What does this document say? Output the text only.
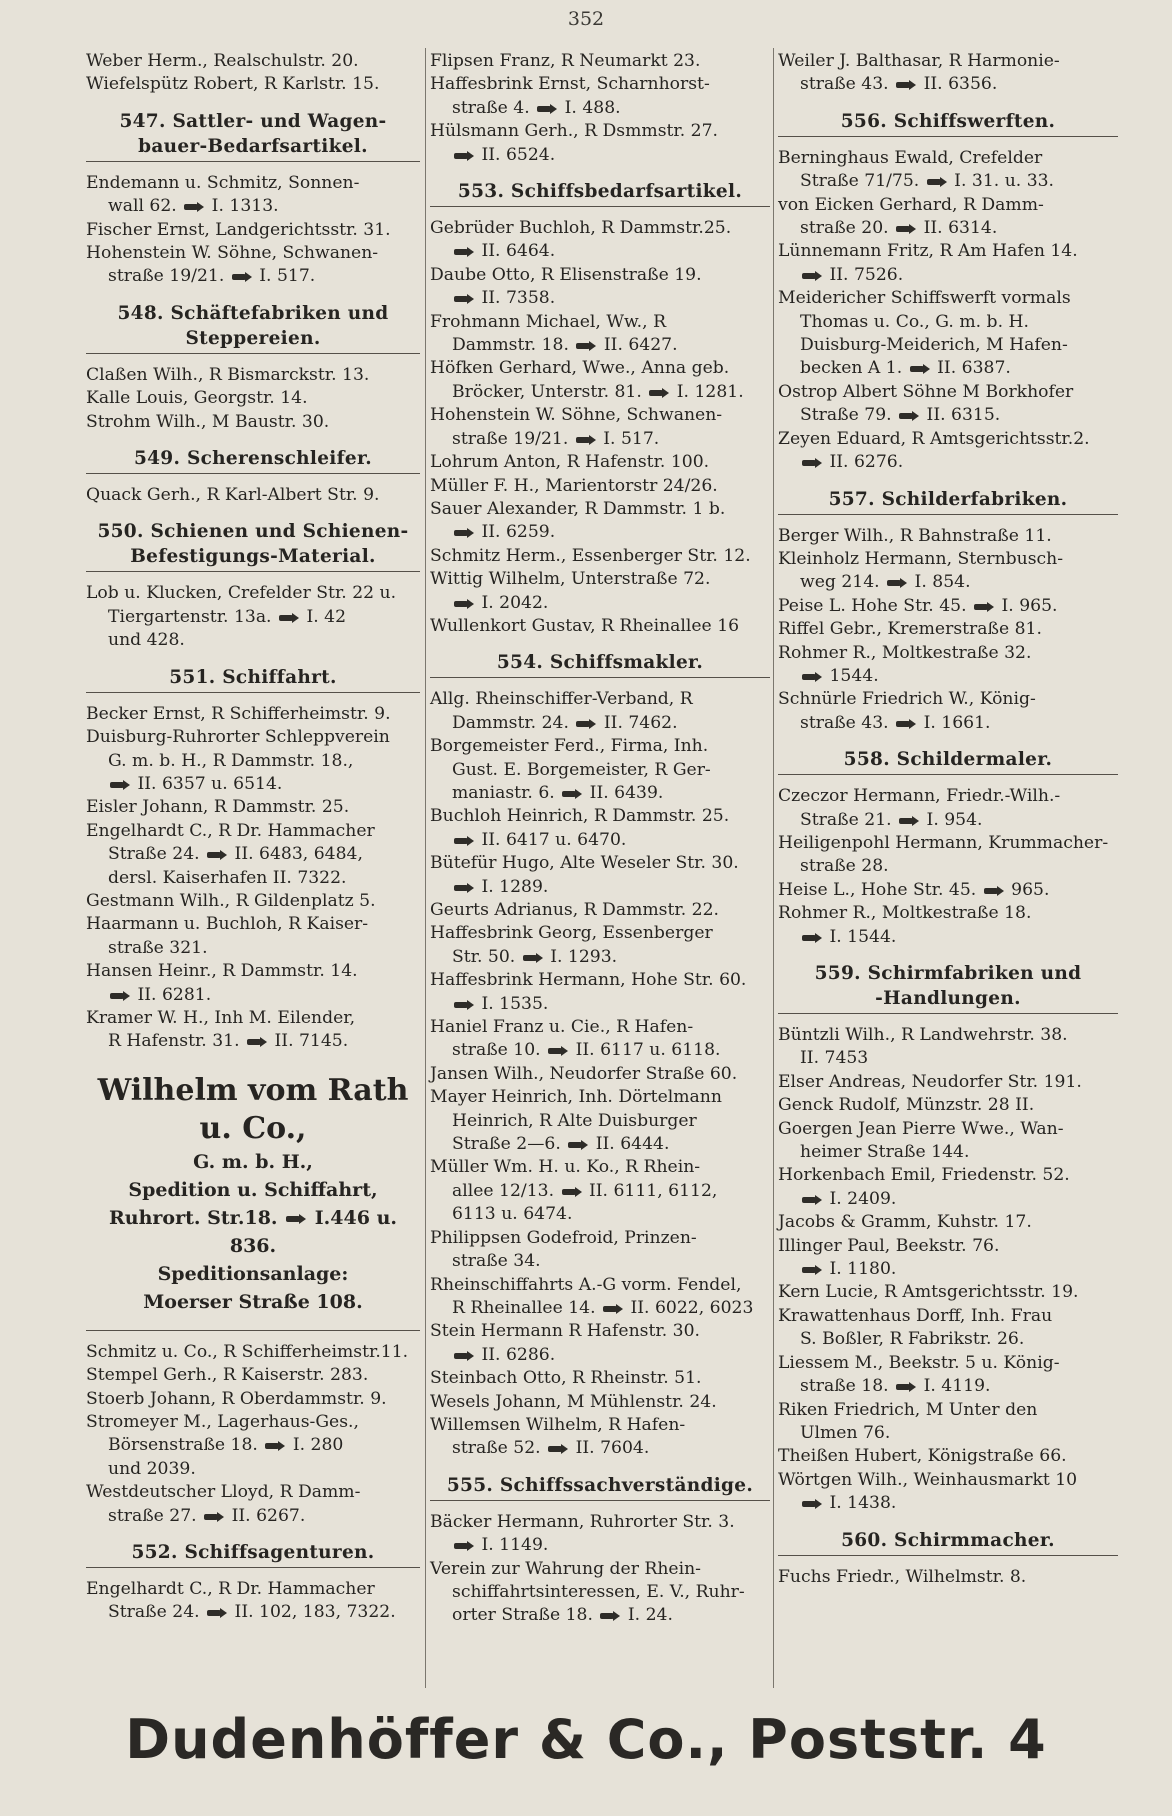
352

Weber Herm., Realschulstr. 20.

Wiefelspütz Robert, R Karlstr. 15.

547. Sattler- und Wagen-
bauer-Bedarfsartikel.

Endemann u. Schmitz, Sonnen-
wall 62.  I. 1313.

Fischer Ernst, Landgerichtsstr. 31.

Hohenstein W. Söhne, Schwanen-
straße 19/21.  I. 517.

548. Schäftefabriken und
Steppereien.

Claßen Wilh., R Bismarckstr. 13.

Kalle Louis, Georgstr. 14.

Strohm Wilh., M Baustr. 30.

549. Scherenschleifer.

Quack Gerh., R Karl-Albert Str. 9.

550. Schienen und Schienen-
Befestigungs-Material.

Lob u. Klucken, Crefelder Str. 22 u.
Tiergartenstr. 13a.  I. 42
und 428.

551. Schiffahrt.

Becker Ernst, R Schifferheimstr. 9.

Duisburg-Ruhrorter Schleppverein
G. m. b. H., R Dammstr. 18.,
II. 6357 u. 6514.

Eisler Johann, R Dammstr. 25.

Engelhardt C., R Dr. Hammacher
Straße 24.  II. 6483, 6484,
dersl. Kaiserhafen II. 7322.

Gestmann Wilh., R Gildenplatz 5.

Haarmann u. Buchloh, R Kaiser-
straße 321.

Hansen Heinr., R Dammstr. 14.
II. 6281.

Kramer W. H., Inh M. Eilender,
R Hafenstr. 31.  II. 7145.

Wilhelm vom Rath u. Co.,
G. m. b. H.,
Spedition u. Schiffahrt,
Ruhrort. Str.18.  I.446 u. 836.
Speditionsanlage:
Moerser Straße 108.

Schmitz u. Co., R Schifferheimstr.11.

Stempel Gerh., R Kaiserstr. 283.

Stoerb Johann, R Oberdammstr. 9.

Stromeyer M., Lagerhaus-Ges.,
Börsenstraße 18.  I. 280
und 2039.

Westdeutscher Lloyd, R Damm-
straße 27.  II. 6267.

552. Schiffsagenturen.

Engelhardt C., R Dr. Hammacher
Straße 24.  II. 102, 183, 7322.

Flipsen Franz, R Neumarkt 23.

Haffesbrink Ernst, Scharnhorst-
straße 4.  I. 488.

Hülsmann Gerh., R Dsmmstr. 27.
II. 6524.

553. Schiffsbedarfsartikel.

Gebrüder Buchloh, R Dammstr.25.
II. 6464.

Daube Otto, R Elisenstraße 19.
II. 7358.

Frohmann Michael, Ww., R
Dammstr. 18.  II. 6427.

Höfken Gerhard, Wwe., Anna geb.
Bröcker, Unterstr. 81.  I. 1281.

Hohenstein W. Söhne, Schwanen-
straße 19/21.  I. 517.

Lohrum Anton, R Hafenstr. 100.

Müller F. H., Marientorstr 24/26.

Sauer Alexander, R Dammstr. 1 b.
II. 6259.

Schmitz Herm., Essenberger Str. 12.

Wittig Wilhelm, Unterstraße 72.
I. 2042.

Wullenkort Gustav, R Rheinallee 16

554. Schiffsmakler.

Allg. Rheinschiffer-Verband, R
Dammstr. 24.  II. 7462.

Borgemeister Ferd., Firma, Inh.
Gust. E. Borgemeister, R Ger-
maniastr. 6.  II. 6439.

Buchloh Heinrich, R Dammstr. 25.
II. 6417 u. 6470.

Bütefür Hugo, Alte Weseler Str. 30.
I. 1289.

Geurts Adrianus, R Dammstr. 22.

Haffesbrink Georg, Essenberger
Str. 50.  I. 1293.

Haffesbrink Hermann, Hohe Str. 60.
I. 1535.

Haniel Franz u. Cie., R Hafen-
straße 10.  II. 6117 u. 6118.

Jansen Wilh., Neudorfer Straße 60.

Mayer Heinrich, Inh. Dörtelmann
Heinrich, R Alte Duisburger
Straße 2—6.  II. 6444.

Müller Wm. H. u. Ko., R Rhein-
allee 12/13.  II. 6111, 6112,
6113 u. 6474.

Philippsen Godefroid, Prinzen-
straße 34.

Rheinschiffahrts A.-G vorm. Fendel,
R Rheinallee 14.  II. 6022, 6023

Stein Hermann R Hafenstr. 30.
II. 6286.

Steinbach Otto, R Rheinstr. 51.

Wesels Johann, M Mühlenstr. 24.

Willemsen Wilhelm, R Hafen-
straße 52.  II. 7604.

555. Schiffssachverständige.

Bäcker Hermann, Ruhrorter Str. 3.
I. 1149.

Verein zur Wahrung der Rhein-
schiffahrtsinteressen, E. V., Ruhr-
orter Straße 18.  I. 24.

Weiler J. Balthasar, R Harmonie-
straße 43.  II. 6356.

556. Schiffswerften.

Berninghaus Ewald, Crefelder
Straße 71/75.  I. 31. u. 33.

von Eicken Gerhard, R Damm-
straße 20.  II. 6314.

Lünnemann Fritz, R Am Hafen 14.
II. 7526.

Meidericher Schiffswerft vormals
Thomas u. Co., G. m. b. H.
Duisburg-Meiderich, M Hafen-
becken A 1.  II. 6387.

Ostrop Albert Söhne M Borkhofer
Straße 79.  II. 6315.

Zeyen Eduard, R Amtsgerichtsstr.2.
II. 6276.

557. Schilderfabriken.

Berger Wilh., R Bahnstraße 11.

Kleinholz Hermann, Sternbusch-
weg 214.  I. 854.

Peise L. Hohe Str. 45.  I. 965.

Riffel Gebr., Kremerstraße 81.

Rohmer R., Moltkestraße 32.
1544.

Schnürle Friedrich W., König-
straße 43.  I. 1661.

558. Schildermaler.

Czeczor Hermann, Friedr.-Wilh.-
Straße 21.  I. 954.

Heiligenpohl Hermann, Krummacher-
straße 28.

Heise L., Hohe Str. 45.  965.

Rohmer R., Moltkestraße 18.
I. 1544.

559. Schirmfabriken und
-Handlungen.

Büntzli Wilh., R Landwehrstr. 38.
II. 7453

Elser Andreas, Neudorfer Str. 191.

Genck Rudolf, Münzstr. 28 II.

Goergen Jean Pierre Wwe., Wan-
heimer Straße 144.

Horkenbach Emil, Friedenstr. 52.
I. 2409.

Jacobs & Gramm, Kuhstr. 17.

Illinger Paul, Beekstr. 76.
I. 1180.

Kern Lucie, R Amtsgerichtsstr. 19.

Krawattenhaus Dorff, Inh. Frau
S. Boßler, R Fabrikstr. 26.

Liessem M., Beekstr. 5 u. König-
straße 18.  I. 4119.

Riken Friedrich, M Unter den
Ulmen 76.

Theißen Hubert, Königstraße 66.

Wörtgen Wilh., Weinhausmarkt 10
I. 1438.

560. Schirmmacher.

Fuchs Friedr., Wilhelmstr. 8.

Dudenhöffer & Co., Poststr. 4
